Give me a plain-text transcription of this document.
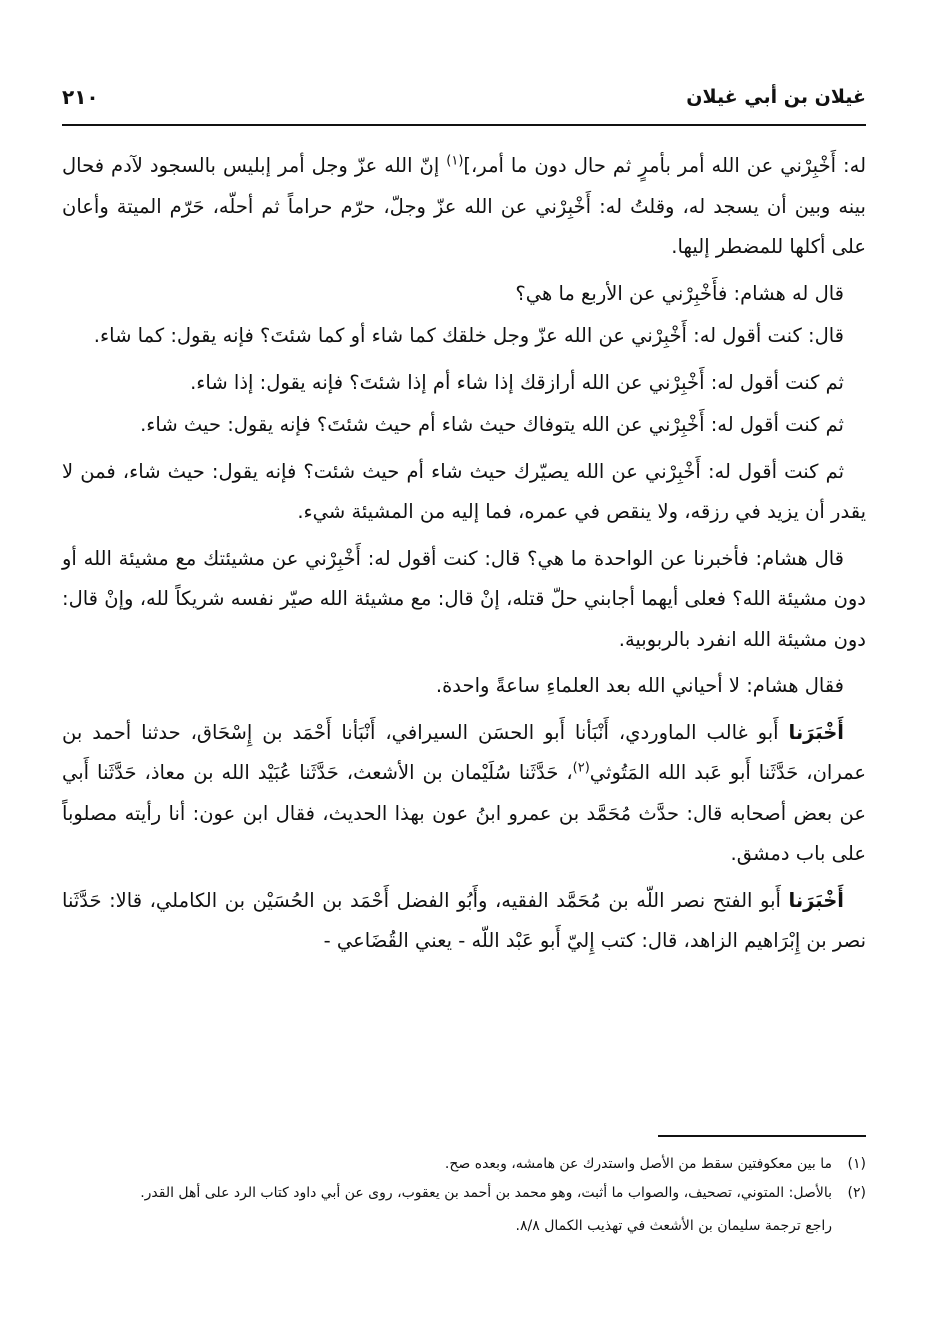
غيلان بن أبي غيلان
٢١٠

له: أَخْبِرْني عن الله أمر بأمرٍ ثم حال دون ما أمر،]$^{(١)}$ إنّ الله عزّ وجل أمر إبليس بالسجود لآدم فحال بينه وبين أن يسجد له، وقلتُ له: أَخْبِرْني عن الله عزّ وجلّ، حرّم حراماً ثم أحلّه، حَرّم الميتة وأعان على أكلها للمضطر إليها.

قال له هشام: فأَخْبِرْني عن الأربع ما هي؟

قال: كنت أقول له: أَخْبِرْني عن الله عزّ وجل خلقك كما شاء أو كما شئتَ؟ فإنه يقول: كما شاء.

ثم كنت أقول له: أَخْبِرْني عن الله أرازقك إذا شاء أم إذا شئتَ؟ فإنه يقول: إذا شاء.

ثم كنت أقول له: أَخْبِرْني عن الله يتوفاك حيث شاء أم حيث شئتَ؟ فإنه يقول: حيث شاء.

ثم كنت أقول له: أَخْبِرْني عن الله يصيّرك حيث شاء أم حيث شئت؟ فإنه يقول: حيث شاء، فمن لا يقدر أن يزيد في رزقه، ولا ينقص في عمره، فما إليه من المشيئة شيء.

قال هشام: فأخبرنا عن الواحدة ما هي؟ قال: كنت أقول له: أَخْبِرْني عن مشيئتك مع مشيئة الله أو دون مشيئة الله؟ فعلى أيهما أجابني حلّ قتله، إنْ قال: مع مشيئة الله صيّر نفسه شريكاً لله، وإنْ قال: دون مشيئة الله انفرد بالربوبية.

فقال هشام: لا أحياني الله بعد العلماءِ ساعةً واحدة.

أَخْبَرَنا أَبو غالب الماوردي، أَنْبَأنا أَبو الحسَن السيرافي، أَنْبَأنا أَحْمَد بن إِسْحَاق، حدثنا أحمد بن عمران، حَدَّثَنا أَبو عَبد الله المَتُوثي$^{(٢)}$، حَدَّثَنا سُلَيْمان بن الأشعث، حَدَّثَنا عُبَيْد الله بن معاذ، حَدَّثَنا أَبي عن بعض أصحابه قال: حدَّث مُحَمَّد بن عمرو ابنُ عون بهذا الحديث، فقال ابن عون: أنا رأيته مصلوباً على باب دمشق.

أَخْبَرَنا أَبو الفتح نصر اللّه بن مُحَمَّد الفقيه، وأَبُو الفضل أَحْمَد بن الحُسَيْن بن الكاملي، قالا: حَدَّثَنا نصر بن إِبْرَاهيم الزاهد، قال: كتب إِليّ أَبو عَبْد اللّه - يعني القُضَاعي -

(١)
ما بين معكوفتين سقط من الأصل واستدرك عن هامشه، وبعده صح.
(٢)
بالأصل: المتوني، تصحيف، والصواب ما أثبت، وهو محمد بن أحمد بن يعقوب، روى عن أبي داود كتاب الرد على أهل القدر.
راجع ترجمة سليمان بن الأشعث في تهذيب الكمال ٨/٨.
